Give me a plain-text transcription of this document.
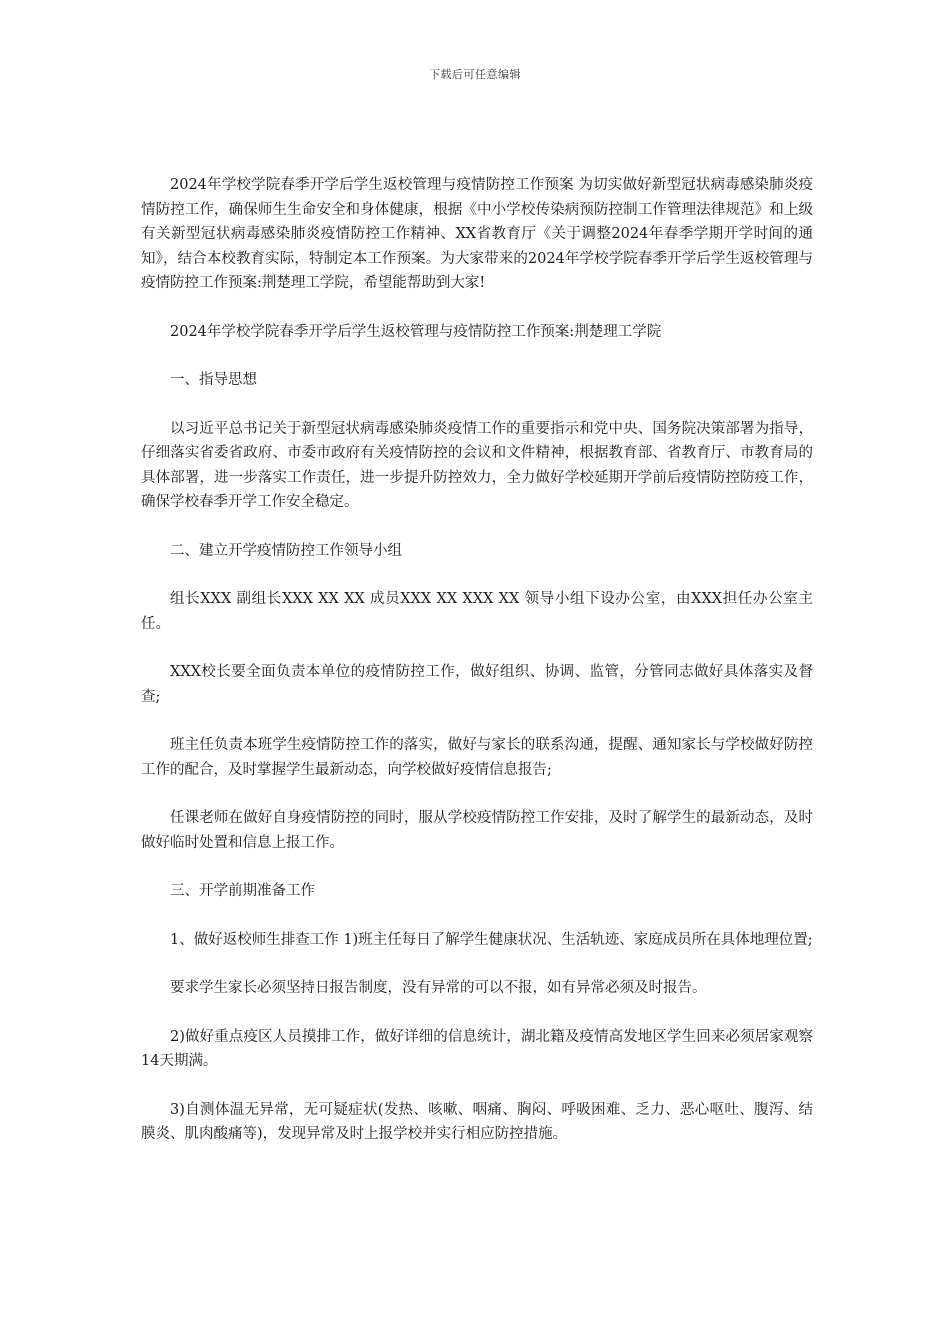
下载后可任意编辑

2024年学校学院春季开学后学生返校管理与疫情防控工作预案 为切实做好新型冠状病毒感染肺炎疫情防控工作，确保师生生命安全和身体健康，根据《中小学校传染病预防控制工作管理法律规范》和上级有关新型冠状病毒感染肺炎疫情防控工作精神、XX省教育厅《关于调整2024年春季学期开学时间的通知》，结合本校教育实际，特制定本工作预案。为大家带来的2024年学校学院春季开学后学生返校管理与疫情防控工作预案:荆楚理工学院，希望能帮助到大家!

2024年学校学院春季开学后学生返校管理与疫情防控工作预案:荆楚理工学院

一、指导思想

以习近平总书记关于新型冠状病毒感染肺炎疫情工作的重要指示和党中央、国务院决策部署为指导，仔细落实省委省政府、市委市政府有关疫情防控的会议和文件精神，根据教育部、省教育厅、市教育局的具体部署，进一步落实工作责任，进一步提升防控效力，全力做好学校延期开学前后疫情防控防疫工作，确保学校春季开学工作安全稳定。

二、建立开学疫情防控工作领导小组

组长XXX 副组长XXX XX XX 成员XXX XX XXX XX 领导小组下设办公室，由XXX担任办公室主任。

XXX校长要全面负责本单位的疫情防控工作，做好组织、协调、监管，分管同志做好具体落实及督查;

班主任负责本班学生疫情防控工作的落实，做好与家长的联系沟通，提醒、通知家长与学校做好防控工作的配合，及时掌握学生最新动态，向学校做好疫情信息报告;

任课老师在做好自身疫情防控的同时，服从学校疫情防控工作安排，及时了解学生的最新动态，及时做好临时处置和信息上报工作。

三、开学前期准备工作

1、做好返校师生排查工作 1)班主任每日了解学生健康状况、生活轨迹、家庭成员所在具体地理位置;

要求学生家长必须坚持日报告制度，没有异常的可以不报，如有异常必须及时报告。

2)做好重点疫区人员摸排工作，做好详细的信息统计，湖北籍及疫情高发地区学生回来必须居家观察14天期满。

3)自测体温无异常，无可疑症状(发热、咳嗽、咽痛、胸闷、呼吸困难、乏力、恶心呕吐、腹泻、结膜炎、肌肉酸痛等)，发现异常及时上报学校并实行相应防控措施。
